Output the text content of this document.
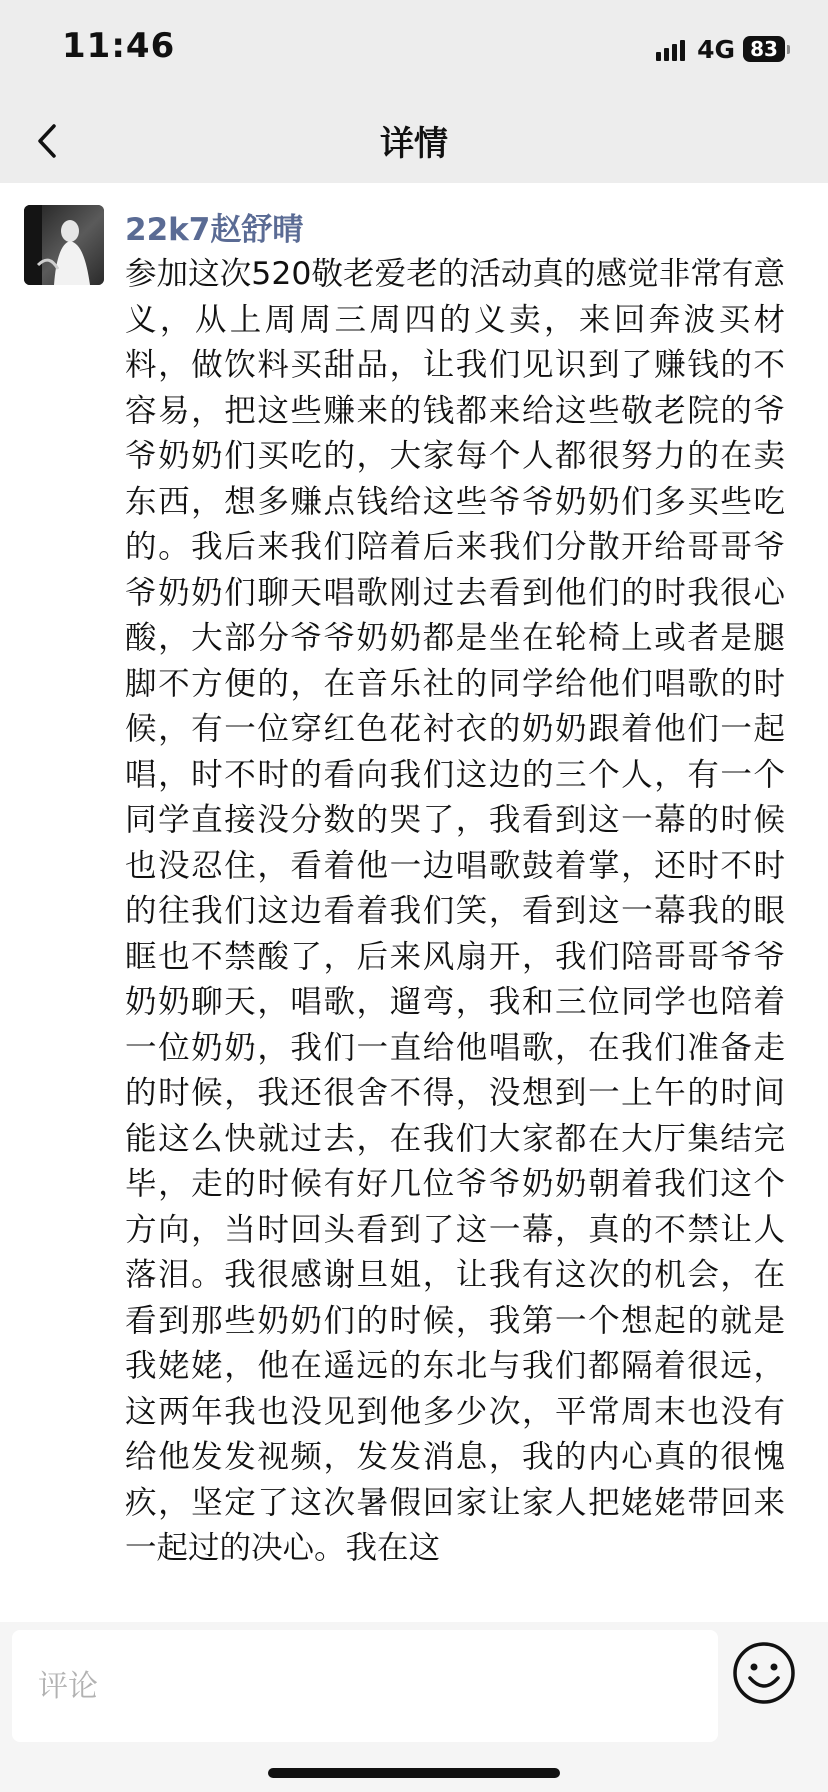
11:46	4G 83
详情
22k7赵舒晴
参加这次520敬老爱老的活动真的感觉非常有意义，从上周周三周四的义卖，来回奔波买材料，做饮料买甜品，让我们见识到了赚钱的不容易，把这些赚来的钱都来给这些敬老院的爷爷奶奶们买吃的，大家每个人都很努力的在卖东西，想多赚点钱给这些爷爷奶奶们多买些吃的。我后来我们陪着后来我们分散开给哥哥爷爷奶奶们聊天唱歌刚过去看到他们的时我很心酸，大部分爷爷奶奶都是坐在轮椅上或者是腿脚不方便的，在音乐社的同学给他们唱歌的时候，有一位穿红色花衬衣的奶奶跟着他们一起唱，时不时的看向我们这边的三个人，有一个同学直接没分数的哭了，我看到这一幕的时候也没忍住，看着他一边唱歌鼓着掌，还时不时的往我们这边看着我们笑，看到这一幕我的眼眶也不禁酸了，后来风扇开，我们陪哥哥爷爷奶奶聊天，唱歌，遛弯，我和三位同学也陪着一位奶奶，我们一直给他唱歌，在我们准备走的时候，我还很舍不得，没想到一上午的时间能这么快就过去，在我们大家都在大厅集结完毕，走的时候有好几位爷爷奶奶朝着我们这个方向，当时回头看到了这一幕，真的不禁让人落泪。我很感谢旦姐，让我有这次的机会，在看到那些奶奶们的时候，我第一个想起的就是我姥姥，他在遥远的东北与我们都隔着很远，这两年我也没见到他多少次，平常周末也没有给他发发视频，发发消息，我的内心真的很愧疚，坚定了这次暑假回家让家人把姥姥带回来一起过的决心。我在这
评论
